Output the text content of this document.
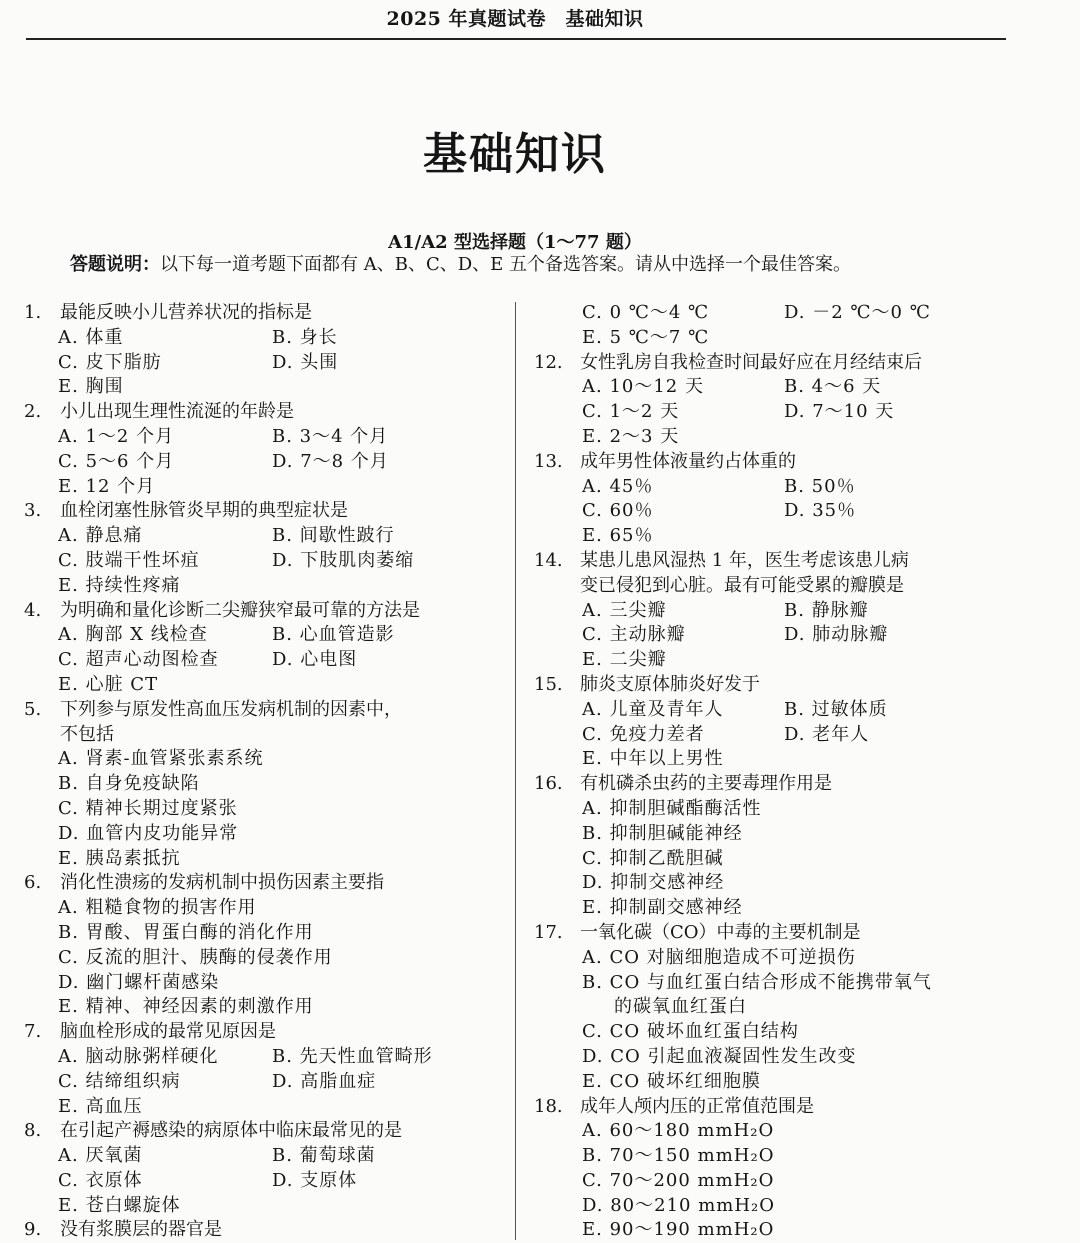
2025 年真题试卷　基础知识
基础知识
A1/A2 型选择题（1～77 题）
答题说明：以下每一道考题下面都有 A、B、C、D、E 五个备选答案。请从中选择一个最佳答案。
1.	最能反映小儿营养状况的指标是
A. 体重	B. 身长
C. 皮下脂肪	D. 头围
E. 胸围
2.	小儿出现生理性流涎的年龄是
A. 1～2 个月	B. 3～4 个月
C. 5～6 个月	D. 7～8 个月
E. 12 个月
3.	血栓闭塞性脉管炎早期的典型症状是
A. 静息痛	B. 间歇性跛行
C. 肢端干性坏疽	D. 下肢肌肉萎缩
E. 持续性疼痛
4.	为明确和量化诊断二尖瓣狭窄最可靠的方法是
A. 胸部 X 线检查	B. 心血管造影
C. 超声心动图检查	D. 心电图
E. 心脏 CT
5.	下列参与原发性高血压发病机制的因素中，
不包括
A. 肾素-血管紧张素系统
B. 自身免疫缺陷
C. 精神长期过度紧张
D. 血管内皮功能异常
E. 胰岛素抵抗
6.	消化性溃疡的发病机制中损伤因素主要指
A. 粗糙食物的损害作用
B. 胃酸、胃蛋白酶的消化作用
C. 反流的胆汁、胰酶的侵袭作用
D. 幽门螺杆菌感染
E. 精神、神经因素的刺激作用
7.	脑血栓形成的最常见原因是
A. 脑动脉粥样硬化	B. 先天性血管畸形
C. 结缔组织病	D. 高脂血症
E. 高血压
8.	在引起产褥感染的病原体中临床最常见的是
A. 厌氧菌	B. 葡萄球菌
C. 衣原体	D. 支原体
E. 苍白螺旋体
9.	没有浆膜层的器官是
C. 0 ℃～4 ℃	D. －2 ℃～0 ℃
E. 5 ℃～7 ℃
12. 女性乳房自我检查时间最好应在月经结束后
A. 10～12 天	B. 4～6 天
C. 1～2 天	D. 7～10 天
E. 2～3 天
13. 成年男性体液量约占体重的
A. 45％	B. 50％
C. 60％	D. 35％
E. 65％
14. 某患儿患风湿热 1 年，医生考虑该患儿病
变已侵犯到心脏。最有可能受累的瓣膜是
A. 三尖瓣	B. 静脉瓣
C. 主动脉瓣	D. 肺动脉瓣
E. 二尖瓣
15. 肺炎支原体肺炎好发于
A. 儿童及青年人	B. 过敏体质
C. 免疫力差者	D. 老年人
E. 中年以上男性
16. 有机磷杀虫药的主要毒理作用是
A. 抑制胆碱酯酶活性
B. 抑制胆碱能神经
C. 抑制乙酰胆碱
D. 抑制交感神经
E. 抑制副交感神经
17. 一氧化碳（CO）中毒的主要机制是
A. CO 对脑细胞造成不可逆损伤
B. CO 与血红蛋白结合形成不能携带氧气
的碳氧血红蛋白
C. CO 破坏血红蛋白结构
D. CO 引起血液凝固性发生改变
E. CO 破坏红细胞膜
18. 成年人颅内压的正常值范围是
A. 60～180 mmH₂O
B. 70～150 mmH₂O
C. 70～200 mmH₂O
D. 80～210 mmH₂O
E. 90～190 mmH₂O
